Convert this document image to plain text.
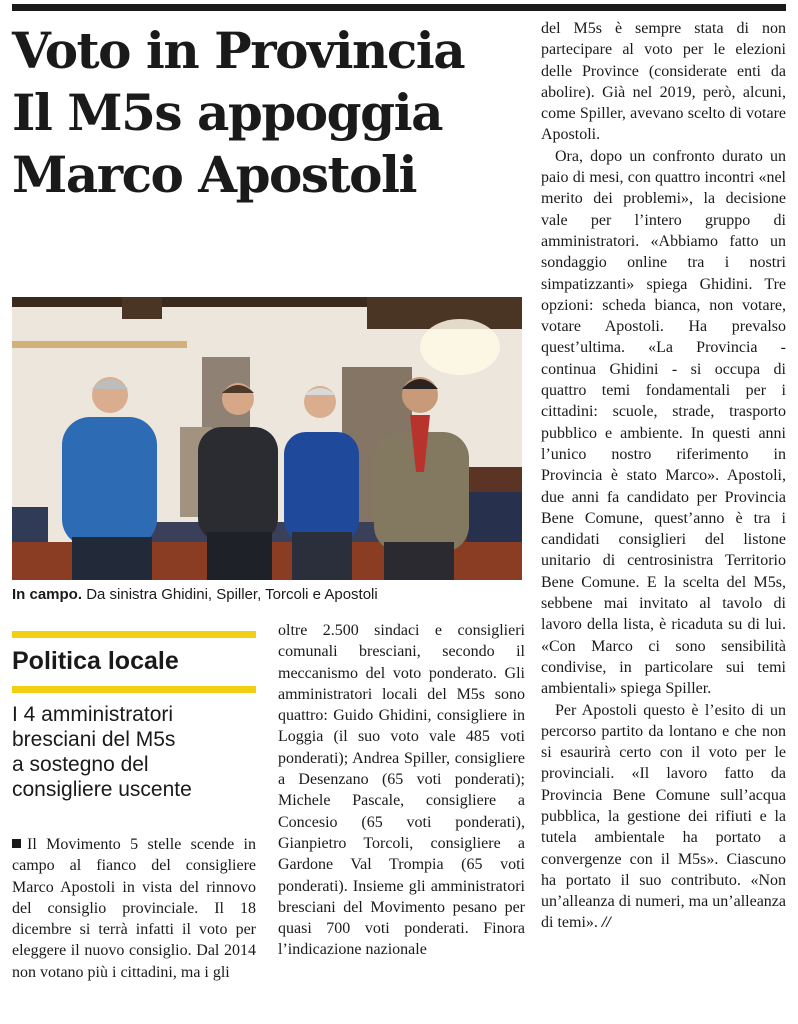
Voto in Provincia
Il M5s appoggia
Marco Apostoli
In campo. Da sinistra Ghidini, Spiller, Torcoli e Apostoli
Politica locale
I 4 amministratori
bresciani del M5s
a sostegno del
consigliere uscente

Il Movimento 5 stelle scende in campo al fianco del consigliere Marco Apostoli in vista del rinnovo del consiglio provinciale. Il 18 dicembre si terrà infatti il voto per eleggere il nuovo consiglio. Dal 2014 non votano più i cittadini, ma i gli

oltre 2.500 sindaci e consiglieri comunali bresciani, secondo il meccanismo del voto ponderato. Gli amministratori locali del M5s sono quattro: Guido Ghidini, consigliere in Loggia (il suo voto vale 485 voti ponderati); Andrea Spiller, consigliere a Desenzano (65 voti ponderati); Michele Pascale, consigliere a Concesio (65 voti ponderati), Gianpietro Torcoli, consigliere a Gardone Val Trompia (65 voti ponderati). Insieme gli amministratori bresciani del Movimento pesano per quasi 700 voti ponderati. Finora l’indicazione nazionale

del M5s è sempre stata di non partecipare al voto per le elezioni delle Province (considerate enti da abolire). Già nel 2019, però, alcuni, come Spiller, avevano scelto di votare Apostoli.

Ora, dopo un confronto durato un paio di mesi, con quattro incontri «nel merito dei problemi», la decisione vale per l’intero gruppo di amministratori. «Abbiamo fatto un sondaggio online tra i nostri simpatizzanti» spiega Ghidini. Tre opzioni: scheda bianca, non votare, votare Apostoli. Ha prevalso quest’ultima. «La Provincia - continua Ghidini - si occupa di quattro temi fondamentali per i cittadini: scuole, strade, trasporto pubblico e ambiente. In questi anni l’unico nostro riferimento in Provincia è stato Marco». Apostoli, due anni fa candidato per Provincia Bene Comune, quest’anno è tra i candidati consiglieri del listone unitario di centrosinistra Territorio Bene Comune. E la scelta del M5s, sebbene mai invitato al tavolo di lavoro della lista, è ricaduta su di lui. «Con Marco ci sono sensibilità condivise, in particolare sui temi ambientali» spiega Spiller.

Per Apostoli questo è l’esito di un percorso partito da lontano e che non si esaurirà certo con il voto per le provinciali. «Il lavoro fatto da Provincia Bene Comune sull’acqua pubblica, la gestione dei rifiuti e la tutela ambientale ha portato a convergenze con il M5s». Ciascuno ha portato il suo contributo. «Non un’alleanza di numeri, ma un’alleanza di temi». //
